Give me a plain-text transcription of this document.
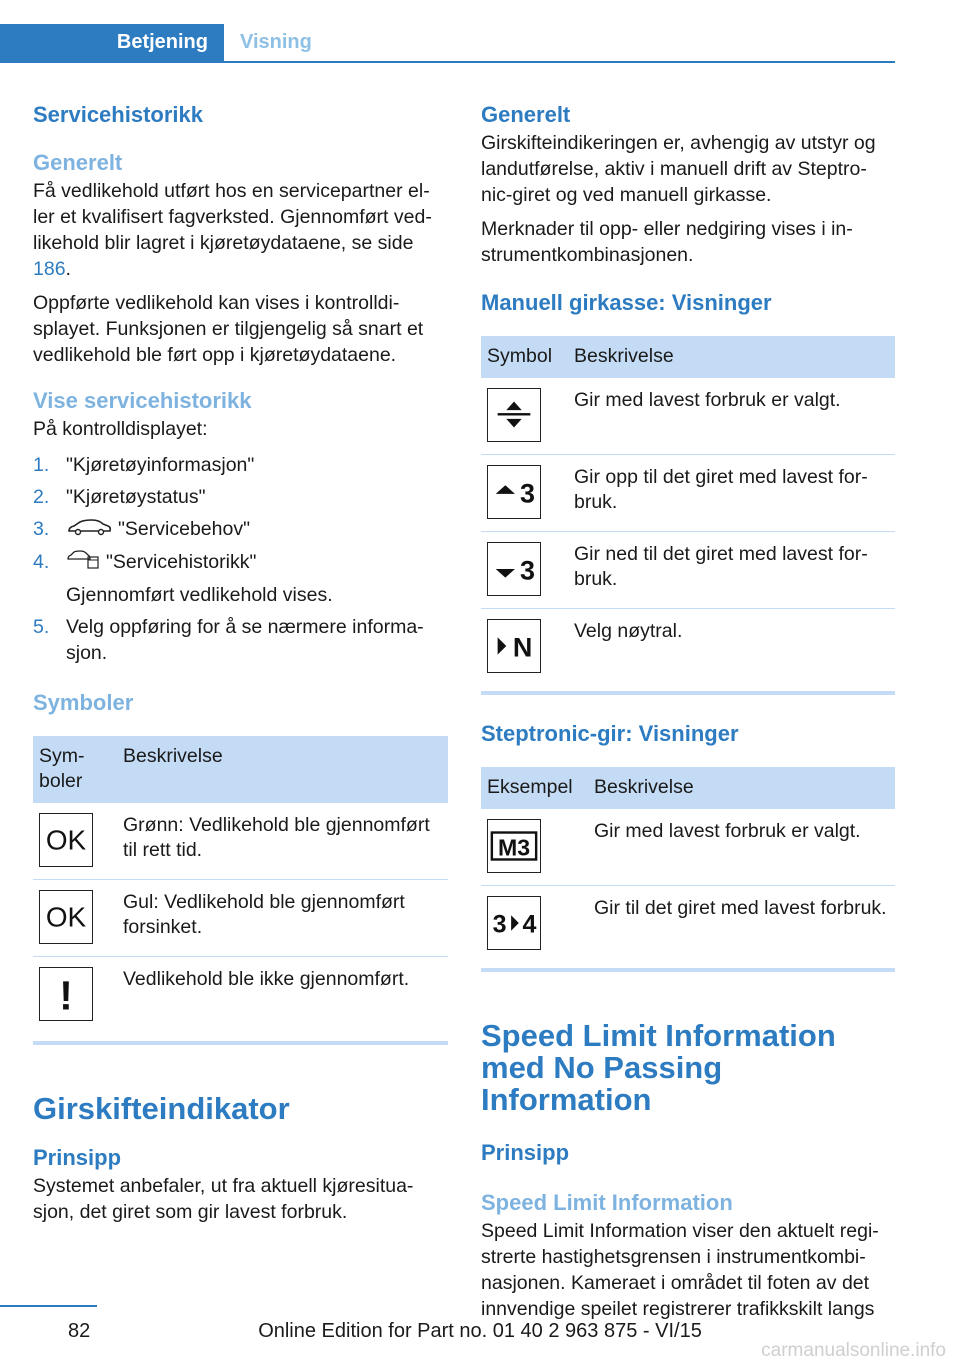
Betjening	Visning
Servicehistorikk
Generelt

Få vedlikehold utført hos en servicepartner el-ler et kvalifisert fagverksted. Gjennomført ved-likehold blir lagret i kjøretøydataene, se side 186.

Oppførte vedlikehold kan vises i kontrolldi-splayet. Funksjonen er tilgjengelig så snart et vedlikehold ble ført opp i kjøretøydataene.

Vise servicehistorikk

På kontrolldisplayet:

1. "Kjøretøyinformasjon"
2. "Kjøretøystatus"
3.	"Servicebehov"
4.	"Servicehistorikk"
Gjennomført vedlikehold vises.
5. Velg oppføring for å se nærmere informa-sjon.
Symboler
Sym-boler	Beskrivelse

OK	Grønn: Vedlikehold ble gjennomført til rett tid.

OK	Gul: Vedlikehold ble gjennomført forsinket.

!	Vedlikehold ble ikke gjennomført.
Girskifteindikator
Prinsipp

Systemet anbefaler, ut fra aktuell kjøresitua-sjon, det giret som gir lavest forbruk.

Generelt

Girskifteindikeringen er, avhengig av utstyr og landutførelse, aktiv i manuell drift av Steptro-nic-giret og ved manuell girkasse.

Merknader til opp- eller nedgiring vises i in-strumentkombinasjonen.

Manuell girkasse: Visninger
Symbol	Beskrivelse

	Gir med lavest forbruk er valgt.

3	Gir opp til det giret med lavest for-bruk.

3	Gir ned til det giret med lavest for-bruk.

N	Velg nøytral.
Steptronic-gir: Visninger
Eksempel	Beskrivelse

M3	Gir med lavest forbruk er valgt.

3 4	Gir til det giret med lavest forbruk.
Speed Limit Information med No Passing Information
Prinsipp
Speed Limit Information

Speed Limit Information viser den aktuelt regi-strerte hastighetsgrensen i instrumentkombi-nasjonen. Kameraet i området til foten av det innvendige speilet registrerer trafikkskilt langs

82	Online Edition for Part no. 01 40 2 963 875 - VI/15
carmanualsonline.info
